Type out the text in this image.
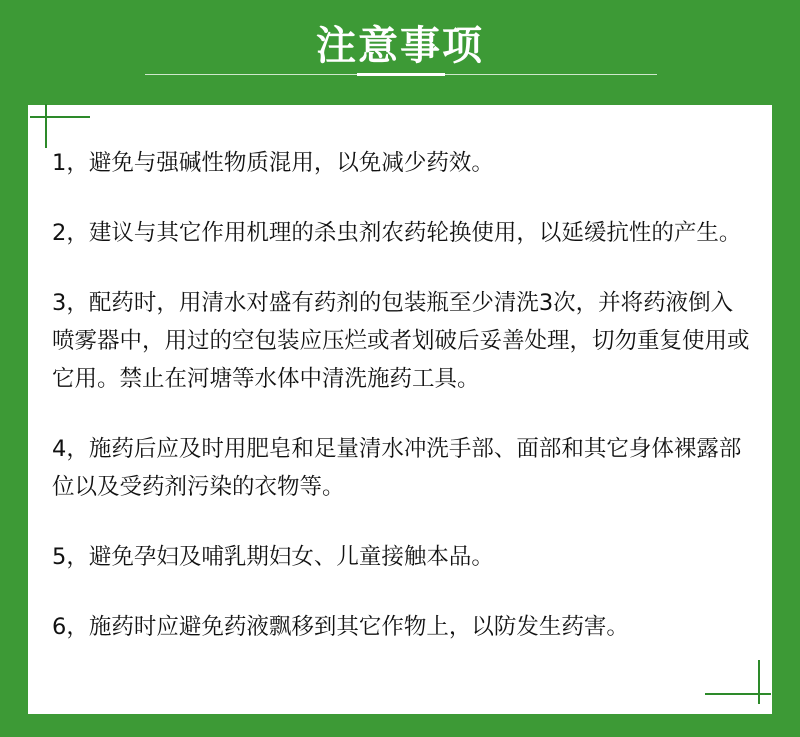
注意事项
1，避免与强碱性物质混用，以免减少药效。
2，建议与其它作用机理的杀虫剂农药轮换使用，以延缓抗性的产生。
3，配药时，用清水对盛有药剂的包装瓶至少清洗3次，并将药液倒入喷雾器中，用过的空包装应压烂或者划破后妥善处理，切勿重复使用或它用。禁止在河塘等水体中清洗施药工具。
4，施药后应及时用肥皂和足量清水冲洗手部、面部和其它身体裸露部位以及受药剂污染的衣物等。
5，避免孕妇及哺乳期妇女、儿童接触本品。
6，施药时应避免药液飘移到其它作物上，以防发生药害。
